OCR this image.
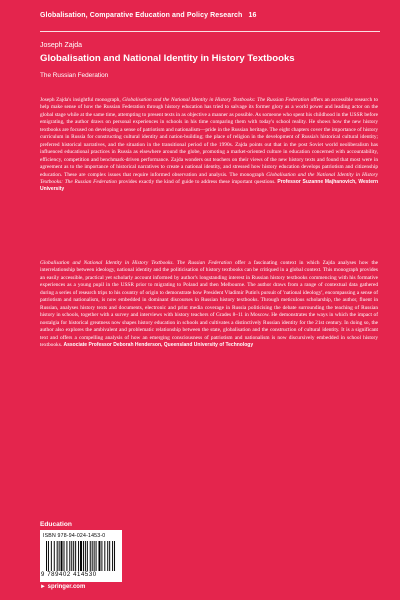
Globalisation, Comparative Education and Policy Research 16
Joseph Zajda
Globalisation and National Identity in History Textbooks
The Russian Federation

Joseph Zajda's insightful monograph, Globalisation and the National Identity in History Textbooks: The Russian Federation offers an accessible research to help make sense of how the Russian Federation through history education has tried to salvage its former glory as a world power and leading actor on the global stage while at the same time, attempting to present texts in as objective a manner as possible. As someone who spent his childhood in the USSR before emigrating, the author draws on personal experiences in schools in his time comparing them with today's school reality. He shows how the new history textbooks are focused on developing a sense of patriotism and nationalism—pride in the Russian heritage. The eight chapters cover the importance of history curriculum in Russia for constructing cultural identity and nation-building; the place of religion in the development of Russia's historical cultural identity; preferred historical narratives, and the situation in the transitional period of the 1990s. Zajda points out that in the post Soviet world neoliberalism has influenced educational practices in Russia as elsewhere around the globe, promoting a market-oriented culture in education concerned with accountability, efficiency, competition and benchmark-driven performance. Zajda wonders out teachers on their views of the new history texts and found that most were in agreement as to the importance of historical narratives to create a national identity, and stressed how history education develops patriotism and citizenship education. These are complex issues that require informed observation and analysis. The monograph Globalisation and the National Identity in History Textbooks: The Russian Federation provides exactly the kind of guide to address these important questions. Professor Suzanne Majhanovich, Western University

Globalisation and National Identity in History Textbooks. The Russian Federation offer a fascinating context in which Zajda analyses how the interrelationship between ideology, national identity and the politicisation of history textbooks can be critiqued in a global context. This monograph provides an easily accessible, practical yet scholarly account informed by author's longstanding interest in Russian history textbooks commencing with his formative experiences as a young pupil in the USSR prior to migrating to Poland and then Melbourne. The author draws from a range of contextual data gathered during a series of research trips to his country of origin to demonstrate how President Vladimir Putin's pursuit of 'national ideology', encompassing a sense of patriotism and nationalism, is now embedded in dominant discourses in Russian history textbooks. Through meticulous scholarship, the author, fluent in Russian, analyses history texts and documents, electronic and print media coverage in Russia politicising the debate surrounding the teaching of Russian history in schools, together with a survey and interviews with history teachers of Grades 8–11 in Moscow. He demonstrates the ways in which the impact of nostalgia for historical greatness now shapes history education in schools and cultivates a distinctively Russian identity for the 21st century. In doing so, the author also explores the ambivalent and problematic relationship between the state, globalisation and the construction of cultural identity. It is a significant text and offers a compelling analysis of how an emerging consciousness of patriotism and nationalism is now discursively embedded in school history textbooks. Associate Professor Deborah Henderson, Queensland University of Technology

Education
ISBN 978-94-024-1453-0
9 789402 414530
► springer.com
